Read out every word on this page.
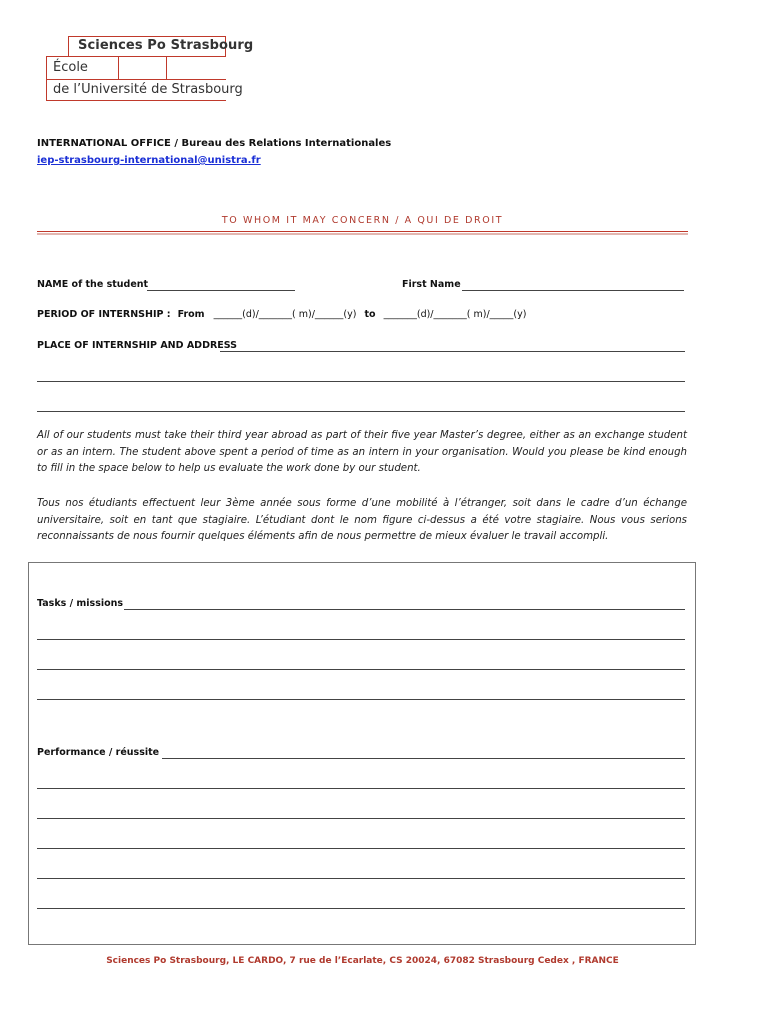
Sciences Po Strasbourg
École
de l’Université de Strasbourg
INTERNATIONAL OFFICE / Bureau des Relations Internationales
iep-strasbourg-international@unistra.fr
TO WHOM IT MAY CONCERN / A QUI DE DROIT
NAME of the student	First Name
PERIOD OF INTERNSHIP : From ______(d)/_______( m)/______(y) to _______(d)/_______( m)/_____(y)
PLACE OF INTERNSHIP AND ADDRESS
All of our students must take their third year abroad as part of their five year Master’s degree, either as an exchange student or as an intern. The student above spent a period of time as an intern in your organisation. Would you please be kind enough to fill in the space below to help us evaluate the work done by our student.
Tous nos étudiants effectuent leur 3ème année sous forme d’une mobilité à l’étranger, soit dans le cadre d’un échange universitaire, soit en tant que stagiaire. L’étudiant dont le nom figure ci-dessus a été votre stagiaire. Nous vous serions reconnaissants de nous fournir quelques éléments afin de nous permettre de mieux évaluer le travail accompli.
Tasks / missions
Performance / réussite
Sciences Po Strasbourg, LE CARDO, 7 rue de l’Ecarlate, CS 20024, 67082 Strasbourg Cedex , FRANCE
